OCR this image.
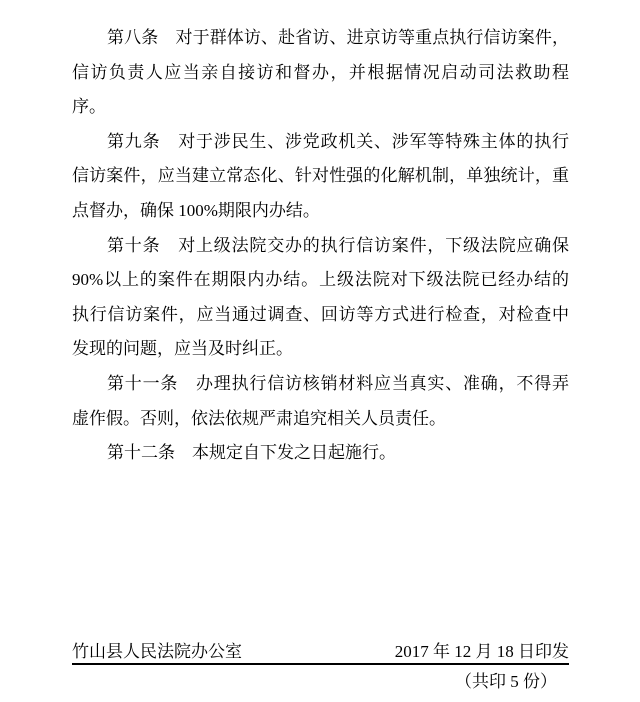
第八条　对于群体访、赴省访、进京访等重点执行信访案件，
信访负责人应当亲自接访和督办，并根据情况启动司法救助程
序。
第九条　对于涉民生、涉党政机关、涉军等特殊主体的执行
信访案件，应当建立常态化、针对性强的化解机制，单独统计，重
点督办，确保 100%期限内办结。
第十条　对上级法院交办的执行信访案件，下级法院应确保
90%以上的案件在期限内办结。上级法院对下级法院已经办结的
执行信访案件，应当通过调查、回访等方式进行检查，对检查中
发现的问题，应当及时纠正。
第十一条　办理执行信访核销材料应当真实、准确，不得弄
虚作假。否则，依法依规严肃追究相关人员责任。
第十二条　本规定自下发之日起施行。
竹山县人民法院办公室	2017 年 12 月 18 日印发
（共印 5 份）
